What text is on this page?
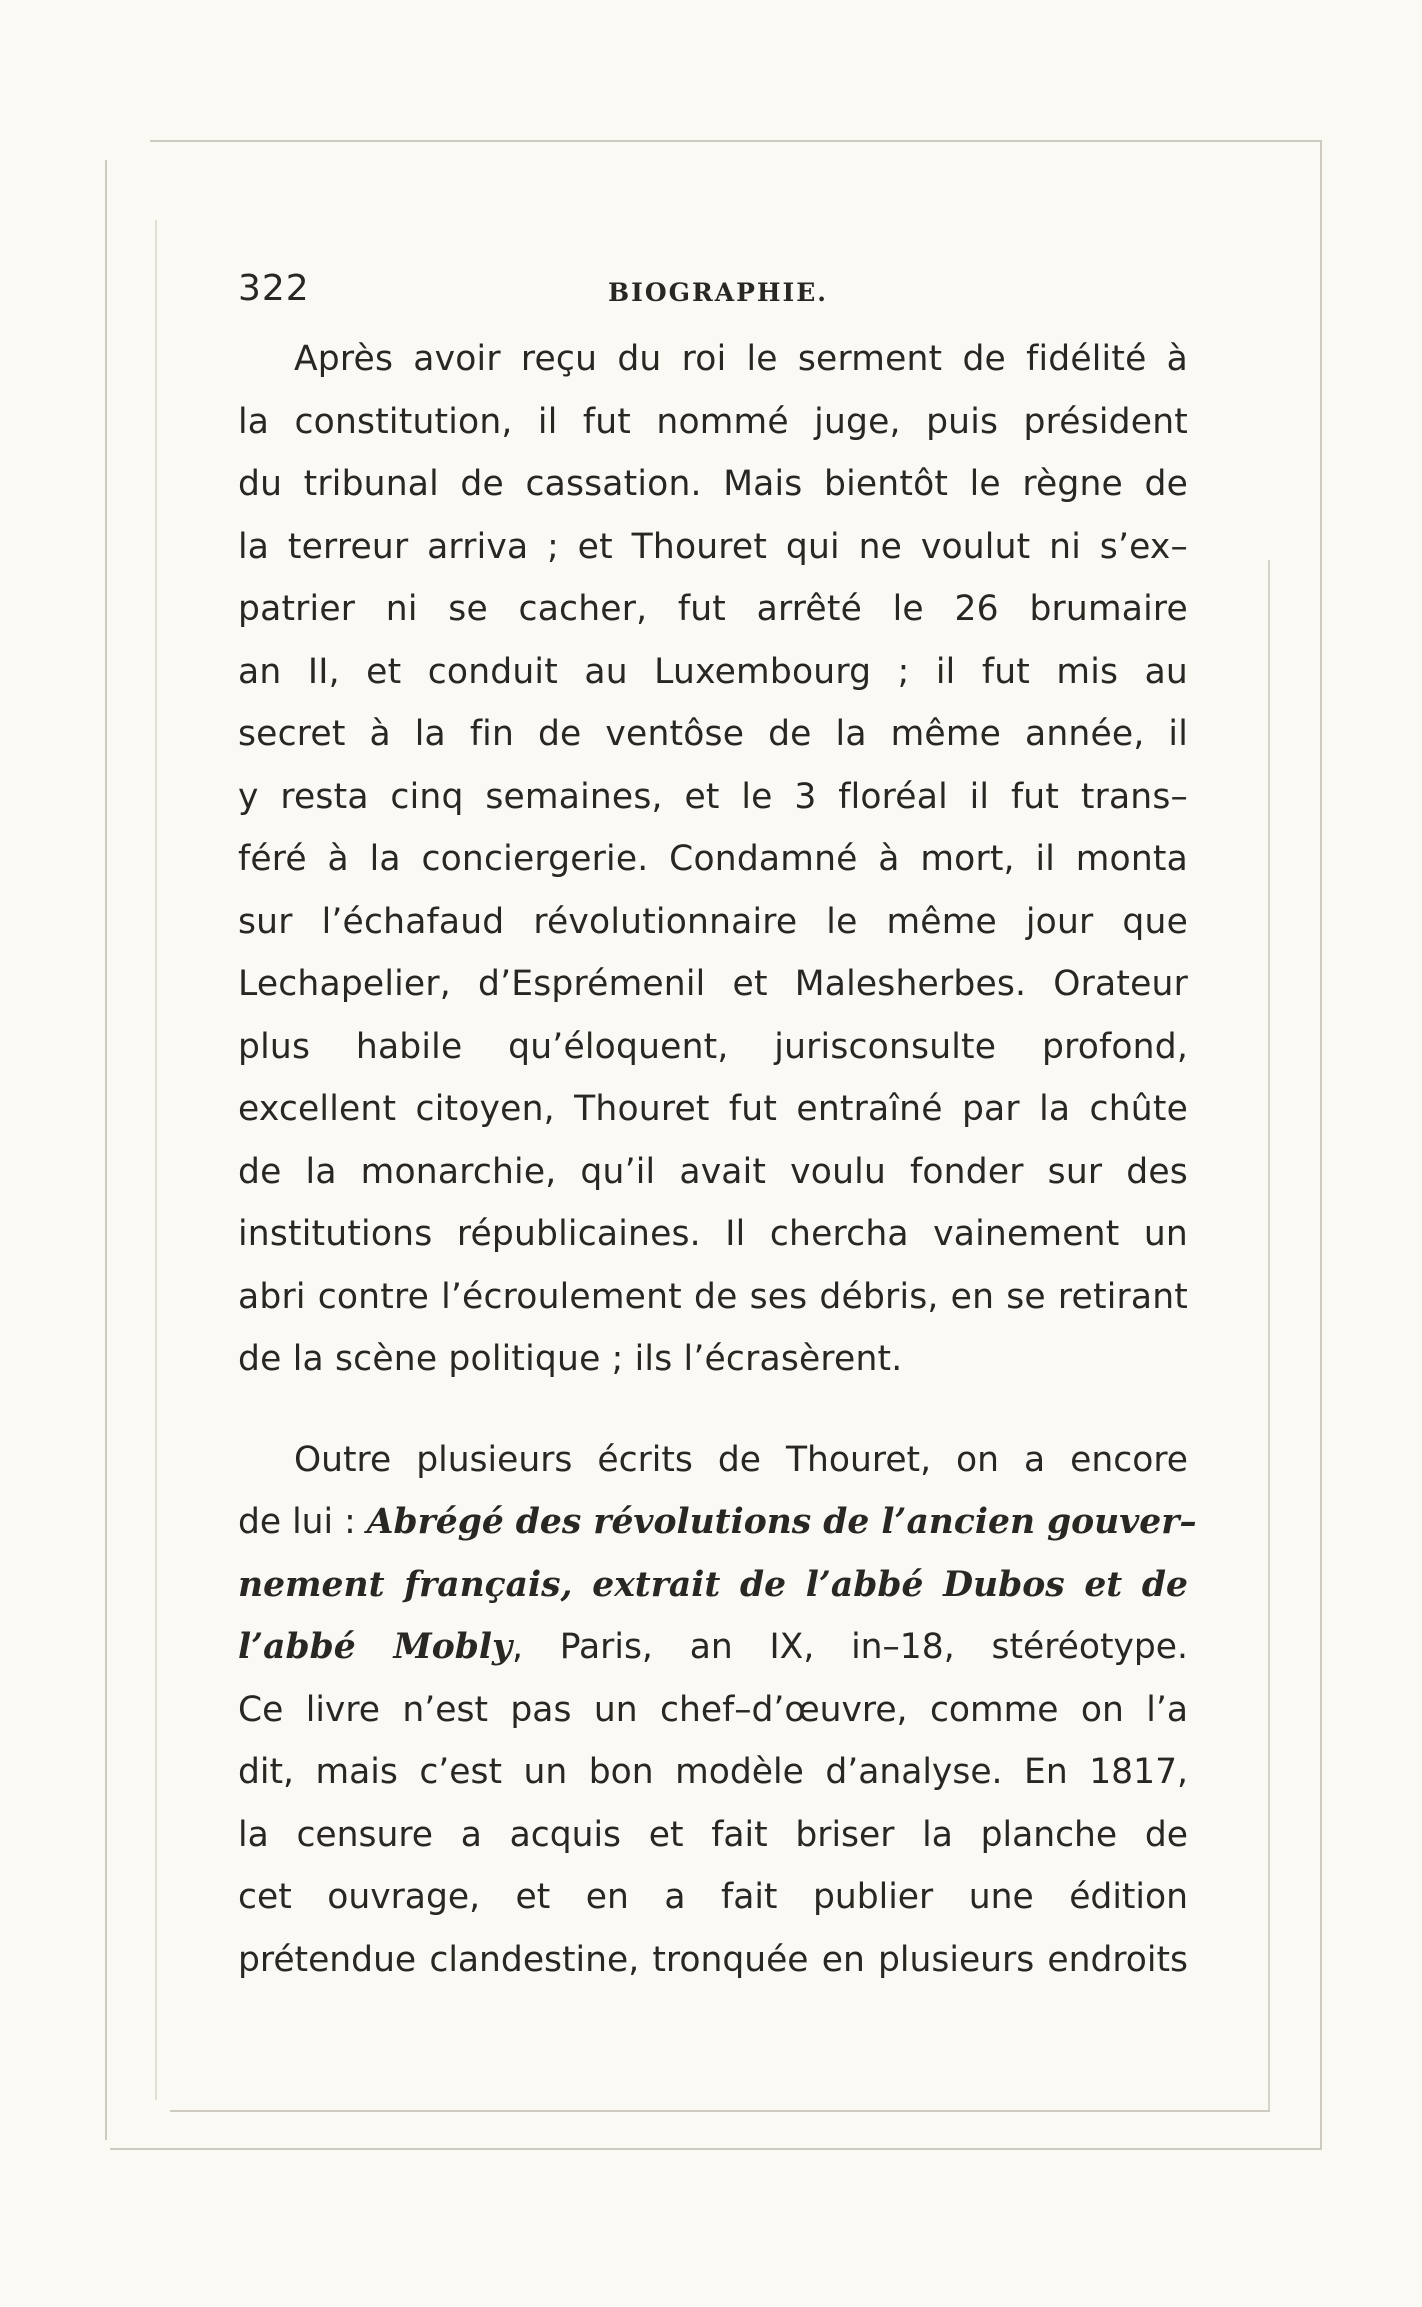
322	BIOGRAPHIE.
Après avoir reçu du roi le serment de fidélité à
la constitution, il fut nommé juge, puis président
du tribunal de cassation. Mais bientôt le règne de
la terreur arriva ; et Thouret qui ne voulut ni s’ex–
patrier ni se cacher, fut arrêté le 26 brumaire
an II, et conduit au Luxembourg ; il fut mis au
secret à la fin de ventôse de la même année, il
y resta cinq semaines, et le 3 floréal il fut trans–
féré à la conciergerie. Condamné à mort, il monta
sur l’échafaud révolutionnaire le même jour que
Lechapelier, d’Esprémenil et Malesherbes. Orateur
plus habile qu’éloquent, jurisconsulte profond,
excellent citoyen, Thouret fut entraîné par la chûte
de la monarchie, qu’il avait voulu fonder sur des
institutions républicaines. Il chercha vainement un
abri contre l’écroulement de ses débris, en se retirant
de la scène politique ; ils l’écrasèrent.
Outre plusieurs écrits de Thouret, on a encore
de lui : Abrégé des révolutions de l’ancien gouver–
nement français, extrait de l’abbé Dubos et de
l’abbé Mobly, Paris, an IX, in–18, stéréotype.
Ce livre n’est pas un chef–d’œuvre, comme on l’a
dit, mais c’est un bon modèle d’analyse. En 1817,
la censure a acquis et fait briser la planche de
cet ouvrage, et en a fait publier une édition
prétendue clandestine, tronquée en plusieurs endroits
